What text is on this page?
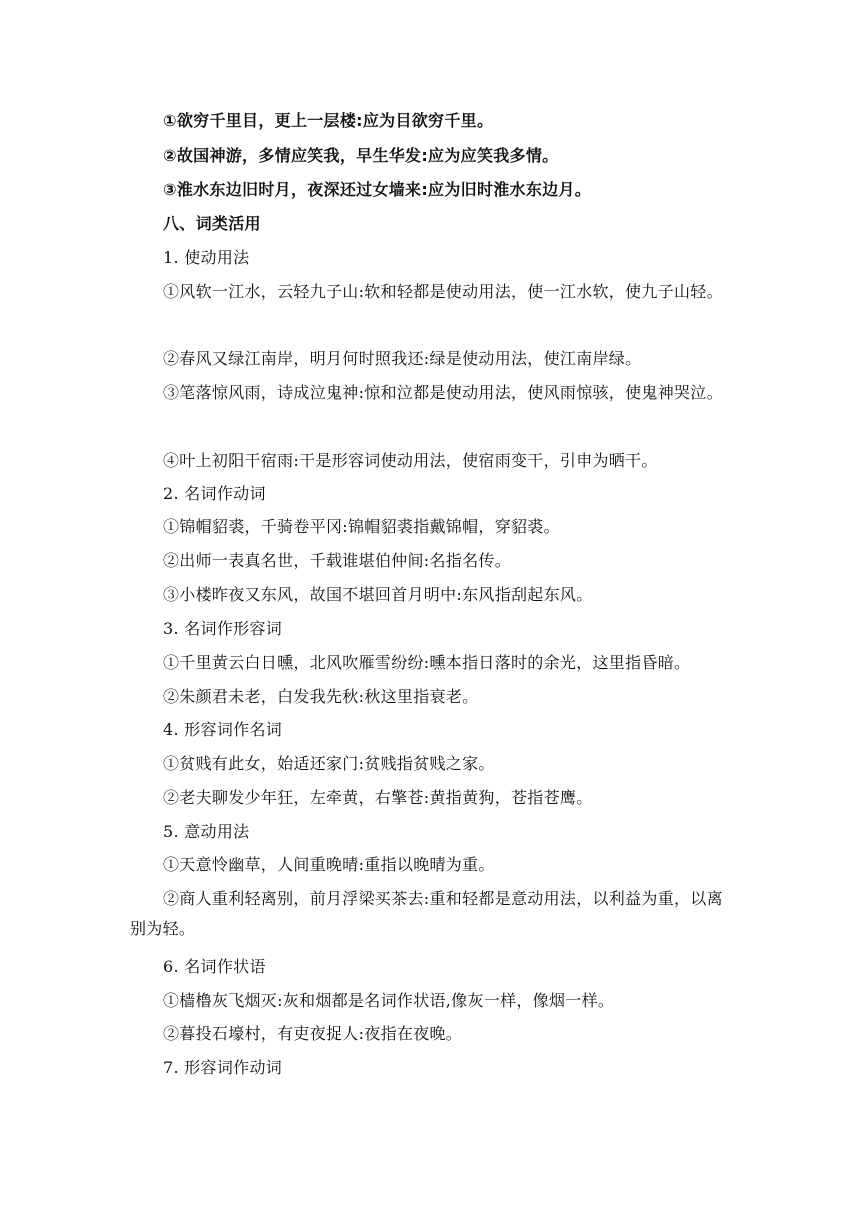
①欲穷千里目，更上一层楼:应为目欲穷千里。
②故国神游，多情应笑我，早生华发:应为应笑我多情。
③淮水东边旧时月，夜深还过女墙来:应为旧时淮水东边月。
八、词类活用
1. 使动用法
①风软一江水，云轻九子山:软和轻都是使动用法，使一江水软，使九子山轻。
②春风又绿江南岸，明月何时照我还:绿是使动用法，使江南岸绿。
③笔落惊风雨，诗成泣鬼神:惊和泣都是使动用法，使风雨惊骇，使鬼神哭泣。
④叶上初阳干宿雨:干是形容词使动用法，使宿雨变干，引申为晒干。
2. 名词作动词
①锦帽貂裘，千骑卷平冈:锦帽貂裘指戴锦帽，穿貂裘。
②出师一表真名世，千载谁堪伯仲间:名指名传。
③小楼昨夜又东风，故国不堪回首月明中:东风指刮起东风。
3. 名词作形容词
①千里黄云白日曛，北风吹雁雪纷纷:曛本指日落时的余光，这里指昏暗。
②朱颜君未老，白发我先秋:秋这里指衰老。
4. 形容词作名词
①贫贱有此女，始适还家门:贫贱指贫贱之家。
②老夫聊发少年狂，左牵黄，右擎苍:黄指黄狗，苍指苍鹰。
5. 意动用法
①天意怜幽草，人间重晚晴:重指以晚晴为重。
②商人重利轻离别，前月浮梁买茶去:重和轻都是意动用法，以利益为重，以离别为轻。
6. 名词作状语
①樯橹灰飞烟灭:灰和烟都是名词作状语,像灰一样，像烟一样。
②暮投石壕村，有吏夜捉人:夜指在夜晚。
7. 形容词作动词
